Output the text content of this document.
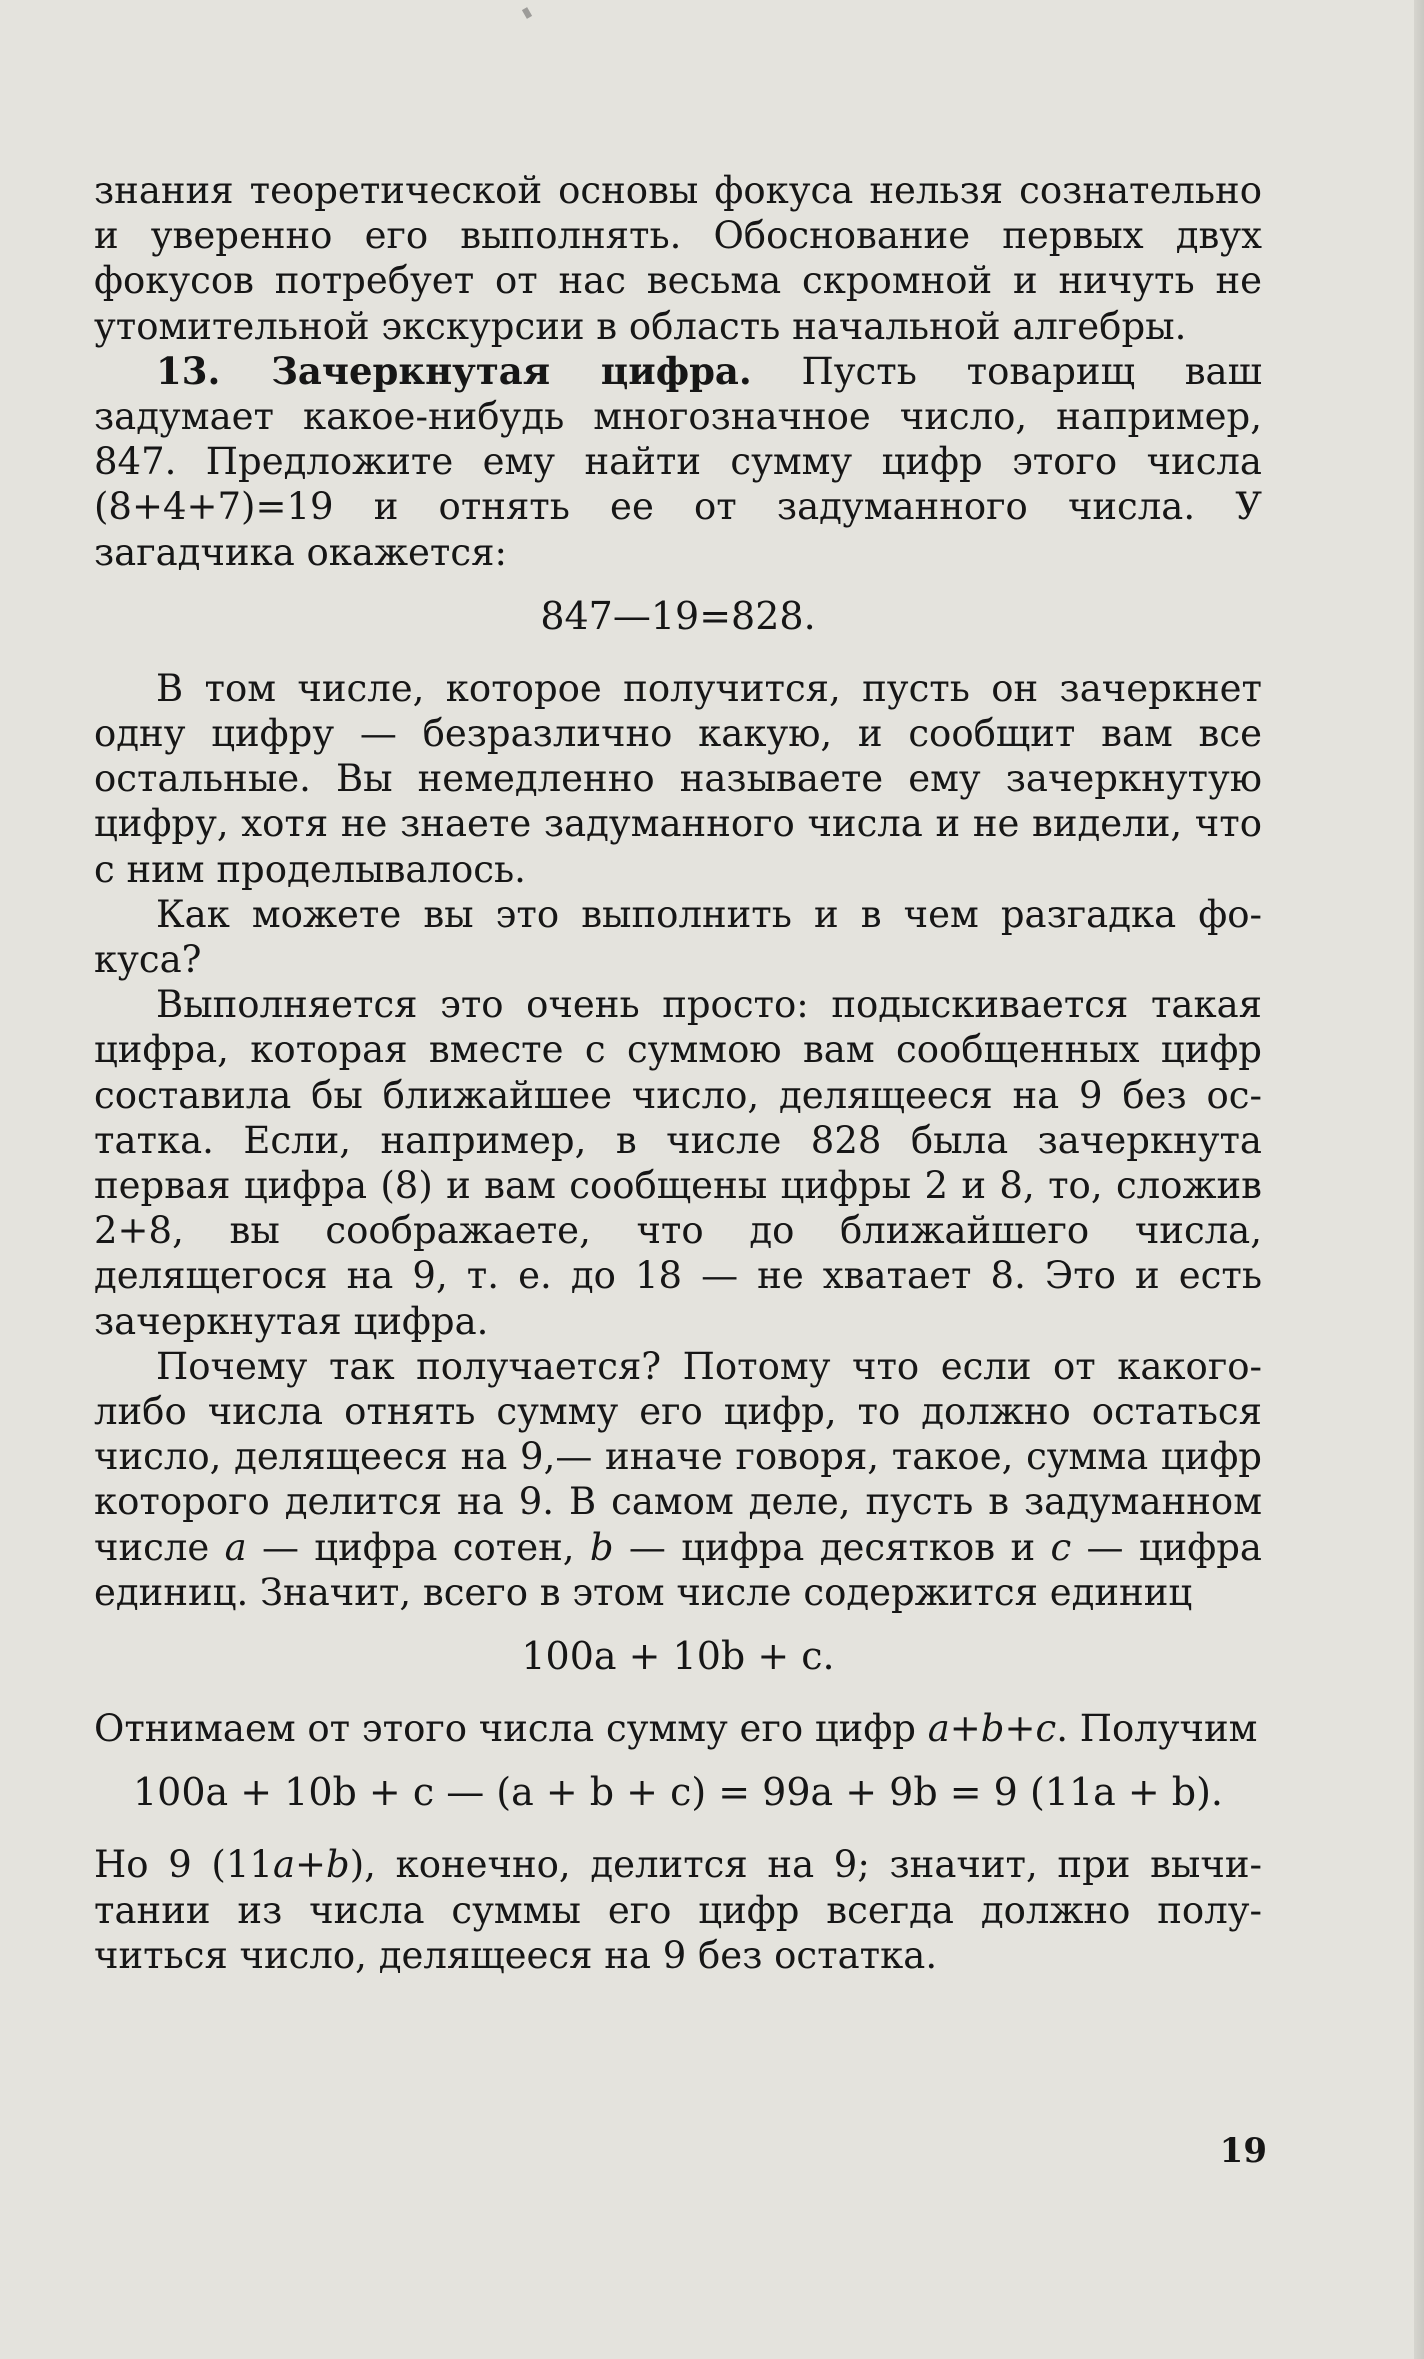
знания теоретической основы фокуса нельзя сознательно и уверенно его выполнять. Обоснование первых двух фокусов потребует от нас весьма скромной и ничуть не утомительной экскурсии в область начальной алгебры.

13. Зачеркнутая цифра. Пусть товарищ ваш задумает какое-нибудь многозначное число, например, 847. Предложите ему найти сумму цифр этого числа (8+4+7)=19 и отнять ее от задуманного числа. У загадчика окажется:

847—19=828.

В том числе, которое получится, пусть он зачеркнет одну цифру — безразлично какую, и сообщит вам все остальные. Вы немедленно называете ему зачеркнутую цифру, хотя не знаете задуманного числа и не видели, что с ним проделывалось.

Как можете вы это выполнить и в чем разгадка фокуса?

Выполняется это очень просто: подыскивается такая цифра, которая вместе с суммою вам сообщенных цифр составила бы ближайшее число, делящееся на 9 без остатка. Если, например, в числе 828 была зачеркнута первая цифра (8) и вам сообщены цифры 2 и 8, то, сложив 2+8, вы соображаете, что до ближайшего числа, делящегося на 9, т. е. до 18 — не хватает 8. Это и есть зачеркнутая цифра.

Почему так получается? Потому что если от какого-либо числа отнять сумму его цифр, то должно остаться число, делящееся на 9,— иначе говоря, такое, сумма цифр которого делится на 9. В самом деле, пусть в задуманном числе a — цифра сотен, b — цифра десятков и c — цифра единиц. Значит, всего в этом числе содержится единиц

100a + 10b + c.

Отнимаем от этого числа сумму его цифр a+b+c. Получим

100a + 10b + c — (a + b + c) = 99a + 9b = 9 (11a + b).

Но 9 (11a+b), конечно, делится на 9; значит, при вычитании из числа суммы его цифр всегда должно получиться число, делящееся на 9 без остатка.

19
